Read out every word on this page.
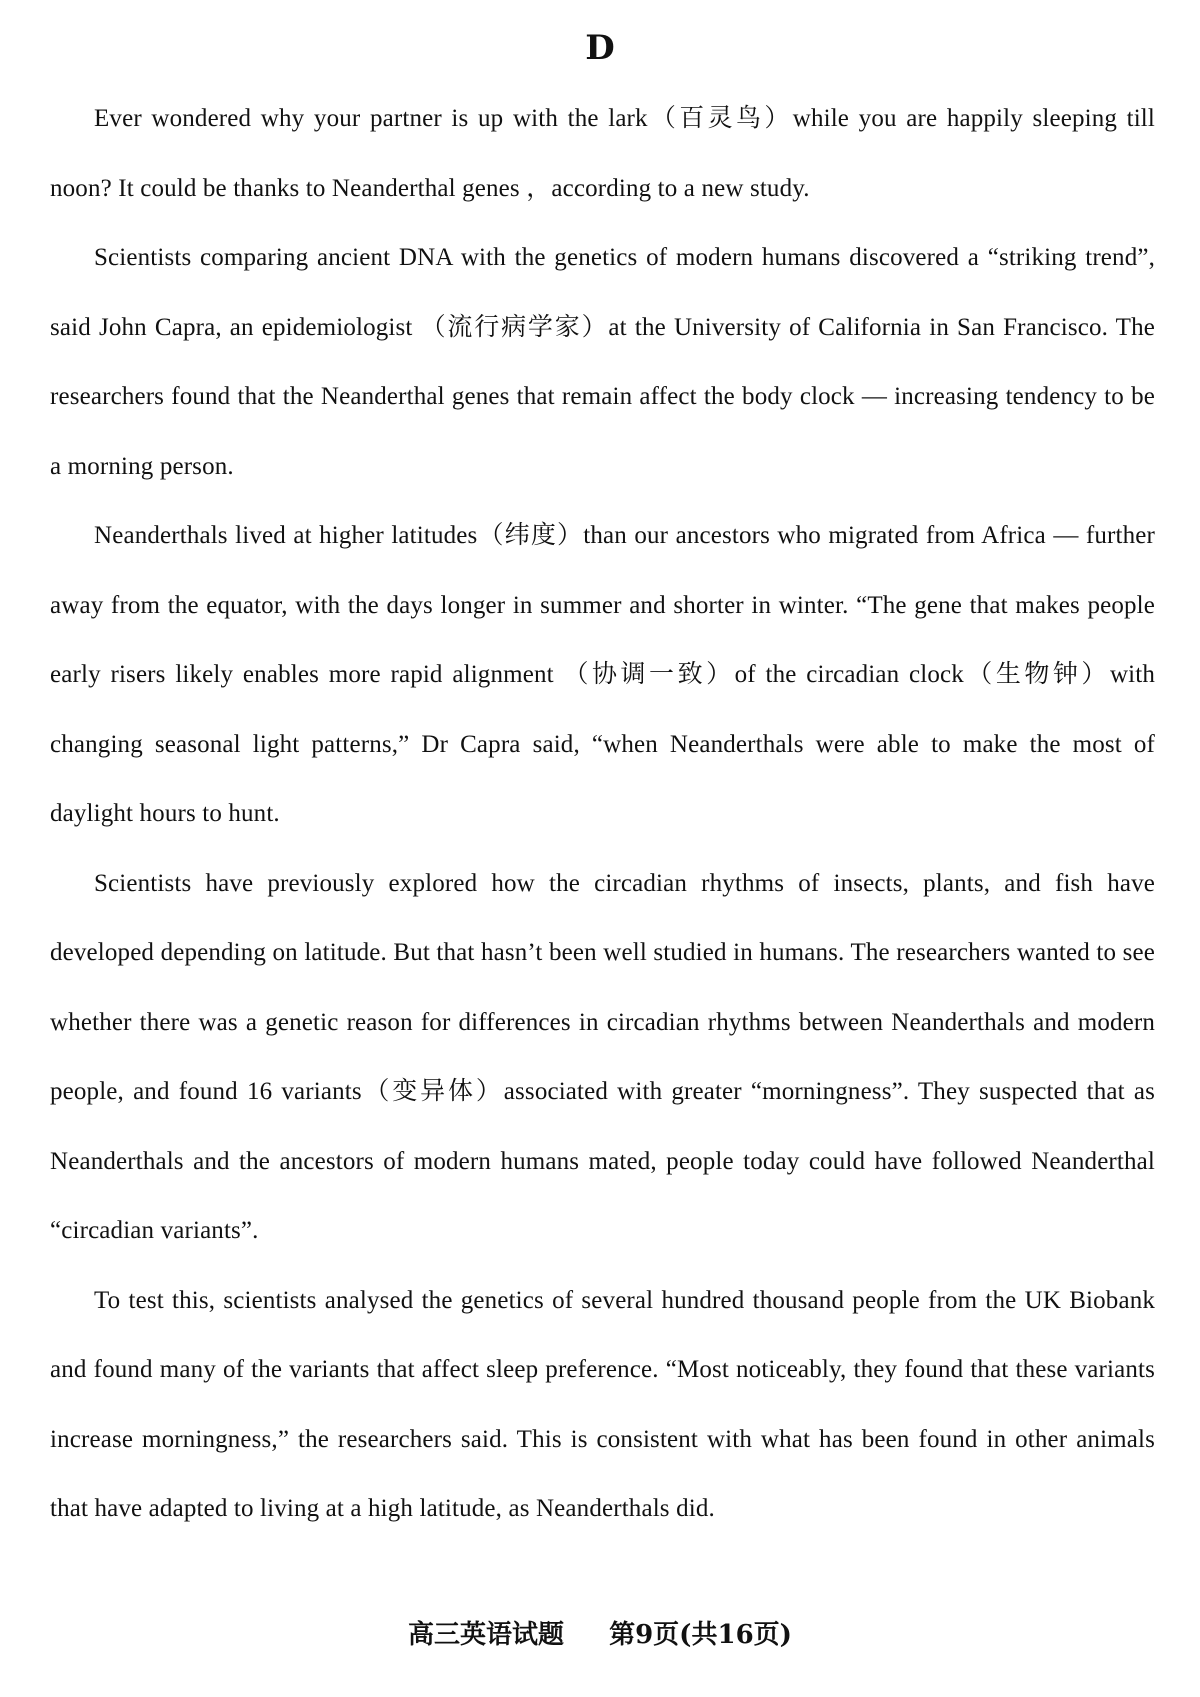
D

Ever wondered why your partner is up with the lark（百灵鸟）while you are happily sleeping till noon? It could be thanks to Neanderthal genes ，according to a new study.

Scientists comparing ancient DNA with the genetics of modern humans discovered a “striking trend”, said John Capra, an epidemiologist （流行病学家）at the University of California in San Francisco. The researchers found that the Neanderthal genes that remain affect the body clock — increasing tendency to be a morning person.

Neanderthals lived at higher latitudes（纬度）than our ancestors who migrated from Africa — further away from the equator, with the days longer in summer and shorter in winter. “The gene that makes people early risers likely enables more rapid alignment （协调一致）of the circadian clock（生物钟）with changing seasonal light patterns,” Dr Capra said, “when Neanderthals were able to make the most of daylight hours to hunt.

Scientists have previously explored how the circadian rhythms of insects, plants, and fish have developed depending on latitude. But that hasn’t been well studied in humans. The researchers wanted to see whether there was a genetic reason for differences in circadian rhythms between Neanderthals and modern people, and found 16 variants（变异体）associated with greater “morningness”. They suspected that as Neanderthals and the ancestors of modern humans mated, people today could have followed Neanderthal “circadian variants”.

To test this, scientists analysed the genetics of several hundred thousand people from the UK Biobank and found many of the variants that affect sleep preference. “Most noticeably, they found that these variants increase morningness,” the researchers said. This is consistent with what has been found in other animals that have adapted to living at a high latitude, as Neanderthals did.

高三英语试题 第9页(共16页)
